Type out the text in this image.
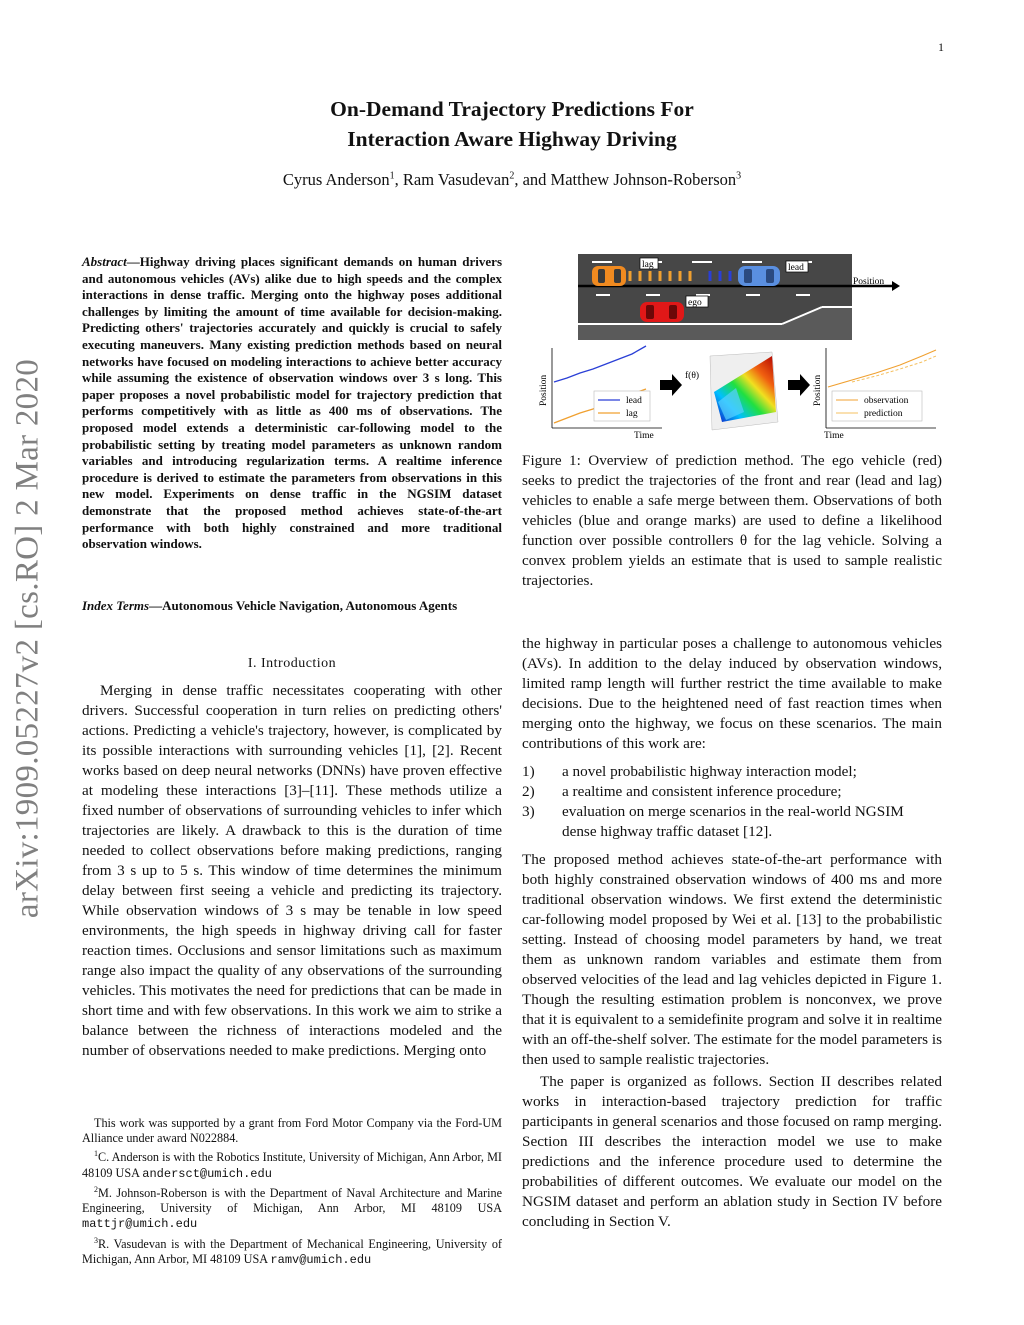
1
arXiv:1909.05227v2 [cs.RO] 2 Mar 2020
On-Demand Trajectory Predictions For
Interaction Aware Highway Driving
Cyrus Anderson$^1$, Ram Vasudevan$^2$, and Matthew Johnson-Roberson$^3$
Abstract—Highway driving places significant demands on human drivers and autonomous vehicles (AVs) alike due to high speeds and the complex interactions in dense traffic. Merging onto the highway poses additional challenges by limiting the amount of time available for decision-making. Predicting others' trajectories accurately and quickly is crucial to safely executing maneuvers. Many existing prediction methods based on neural networks have focused on modeling interactions to achieve better accuracy while assuming the existence of observation windows over 3 s long. This paper proposes a novel probabilistic model for trajectory prediction that performs competitively with as little as 400 ms of observations. The proposed model extends a deterministic car-following model to the probabilistic setting by treating model parameters as unknown random variables and introducing regularization terms. A realtime inference procedure is derived to estimate the parameters from observations in this new model. Experiments on dense traffic in the NGSIM dataset demonstrate that the proposed method achieves state-of-the-art performance with both highly constrained and more traditional observation windows.
Index Terms—Autonomous Vehicle Navigation, Autonomous Agents
I. Introduction

Merging in dense traffic necessitates cooperating with other drivers. Successful cooperation in turn relies on predicting others' actions. Predicting a vehicle's trajectory, however, is complicated by its possible interactions with surrounding vehicles [1], [2]. Recent works based on deep neural networks (DNNs) have proven effective at modeling these interactions [3]–[11]. These methods utilize a fixed number of observations of surrounding vehicles to infer which trajectories are likely. A drawback to this is the duration of time needed to collect observations before making predictions, ranging from 3 s up to 5 s. This window of time determines the minimum delay between first seeing a vehicle and predicting its trajectory. While observation windows of 3 s may be tenable in low speed environments, the high speeds in highway driving call for faster reaction times. Occlusions and sensor limitations such as maximum range also impact the quality of any observations of the surrounding vehicles. This motivates the need for predictions that can be made in short time and with few observations. In this work we aim to strike a balance between the richness of interactions modeled and the number of observations needed to make predictions. Merging onto

This work was supported by a grant from Ford Motor Company via the Ford-UM Alliance under award N022884.

$^1$C. Anderson is with the Robotics Institute, University of Michigan, Ann Arbor, MI 48109 USA andersct@umich.edu

$^2$M. Johnson-Roberson is with the Department of Naval Architecture and Marine Engineering, University of Michigan, Ann Arbor, MI 48109 USA mattjr@umich.edu

$^3$R. Vasudevan is with the Department of Mechanical Engineering, University of Michigan, Ann Arbor, MI 48109 USA ramv@umich.edu

Position
lag	lead
ego
Position
Time
lead
lag
f(θ)	Position
Time
observation
prediction
Figure 1: Overview of prediction method. The ego vehicle (red) seeks to predict the trajectories of the front and rear (lead and lag) vehicles to enable a safe merge between them. Observations of both vehicles (blue and orange marks) are used to define a likelihood function over possible controllers θ for the lag vehicle. Solving a convex problem yields an estimate that is used to sample realistic trajectories.

the highway in particular poses a challenge to autonomous vehicles (AVs). In addition to the delay induced by observation windows, limited ramp length will further restrict the time available to make decisions. Due to the heightened need of fast reaction times when merging onto the highway, we focus on these scenarios. The main contributions of this work are:

1)	a novel probabilistic highway interaction model;
2)	a realtime and consistent inference procedure;
3)	evaluation on merge scenarios in the real-world NGSIM dense highway traffic dataset [12].

The proposed method achieves state-of-the-art performance with both highly constrained observation windows of 400 ms and more traditional observation windows. We first extend the deterministic car-following model proposed by Wei et al. [13] to the probabilistic setting. Instead of choosing model parameters by hand, we treat them as unknown random variables and estimate them from observed velocities of the lead and lag vehicles depicted in Figure 1. Though the resulting estimation problem is nonconvex, we prove that it is equivalent to a semidefinite program and solve it in realtime with an off-the-shelf solver. The estimate for the model parameters is then used to sample realistic trajectories.

The paper is organized as follows. Section II describes related works in interaction-based trajectory prediction for traffic participants in general scenarios and those focused on ramp merging. Section III describes the interaction model we use to make predictions and the inference procedure used to determine the probabilities of different outcomes. We evaluate our model on the NGSIM dataset and perform an ablation study in Section IV before concluding in Section V.
